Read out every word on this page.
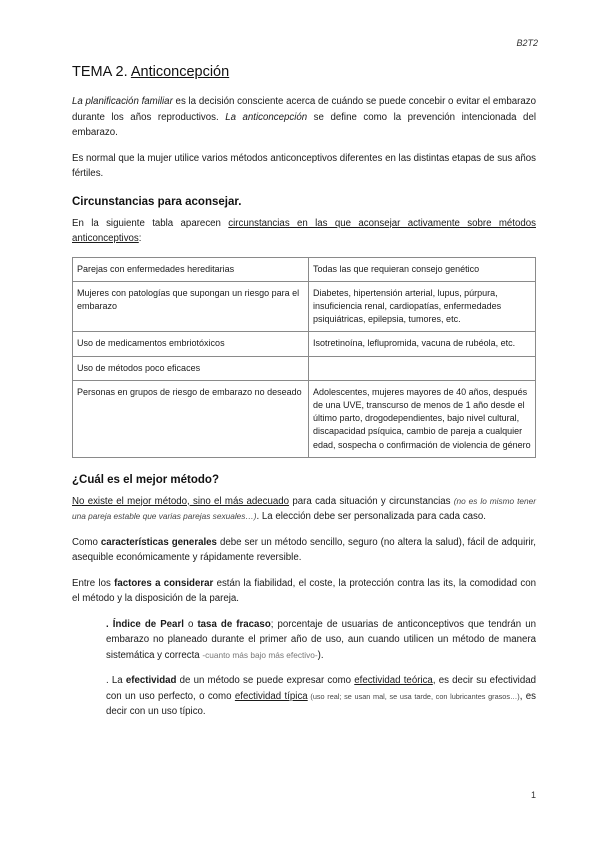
B2T2
TEMA 2. Anticoncepción

La planificación familiar es la decisión consciente acerca de cuándo se puede concebir o evitar el embarazo durante los años reproductivos. La anticoncepción se define como la prevención intencionada del embarazo.

Es normal que la mujer utilice varios métodos anticonceptivos diferentes en las distintas etapas de sus años fértiles.

Circunstancias para aconsejar.

En la siguiente tabla aparecen circunstancias en las que aconsejar activamente sobre métodos anticonceptivos:

Parejas con enfermedades hereditarias	Todas las que requieran consejo genético
Mujeres con patologías que supongan un riesgo para el embarazo	Diabetes, hipertensión arterial, lupus, púrpura, insuficiencia renal, cardiopatías, enfermedades psiquiátricas, epilepsia, tumores, etc.
Uso de medicamentos embriotóxicos	Isotretinoína, leflupromida, vacuna de rubéola, etc.
Uso de métodos poco eficaces	
Personas en grupos de riesgo de embarazo no deseado	Adolescentes, mujeres mayores de 40 años, después de una UVE, transcurso de menos de 1 año desde el último parto, drogodependientes, bajo nivel cultural, discapacidad psíquica, cambio de pareja a cualquier edad, sospecha o confirmación de violencia de género
¿Cuál es el mejor método?

No existe el mejor método, sino el más adecuado para cada situación y circunstancias (no es lo mismo tener una pareja estable que varias parejas sexuales…). La elección debe ser personalizada para cada caso.

Como características generales debe ser un método sencillo, seguro (no altera la salud), fácil de adquirir, asequible económicamente y rápidamente reversible.

Entre los factores a considerar están la fiabilidad, el coste, la protección contra las its, la comodidad con el método y la disposición de la pareja.

. Índice de Pearl o tasa de fracaso; porcentaje de usuarias de anticonceptivos que tendrán un embarazo no planeado durante el primer año de uso, aun cuando utilicen un método de manera sistemática y correcta -cuanto más bajo más efectivo-).

. La efectividad de un método se puede expresar como efectividad teórica, es decir su efectividad con un uso perfecto, o como efectividad típica (uso real; se usan mal, se usa tarde, con lubricantes grasos…), es decir con un uso típico.

1
